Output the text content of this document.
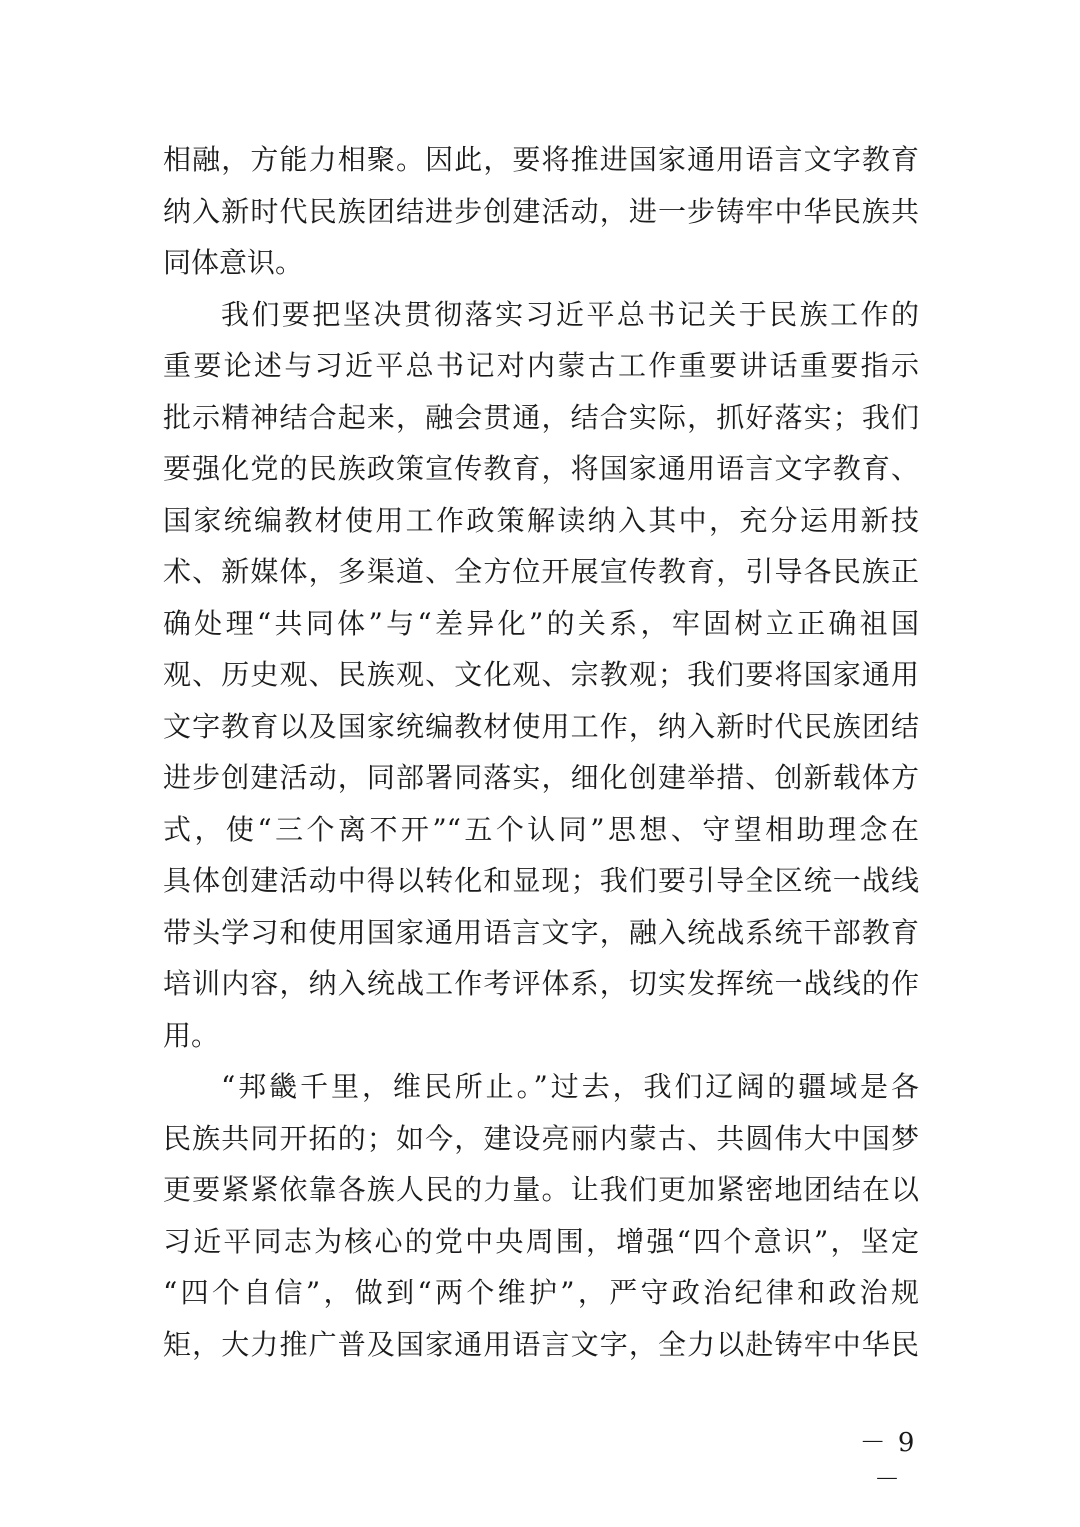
相融，方能力相聚。因此，要将推进国家通用语言文字教育
纳入新时代民族团结进步创建活动，进一步铸牢中华民族共
同体意识。
我们要把坚决贯彻落实习近平总书记关于民族工作的
重要论述与习近平总书记对内蒙古工作重要讲话重要指示
批示精神结合起来，融会贯通，结合实际，抓好落实；我们
要强化党的民族政策宣传教育，将国家通用语言文字教育、
国家统编教材使用工作政策解读纳入其中，充分运用新技
术、新媒体，多渠道、全方位开展宣传教育，引导各民族正
确处理“共同体”与“差异化”的关系，牢固树立正确祖国
观、历史观、民族观、文化观、宗教观；我们要将国家通用
文字教育以及国家统编教材使用工作，纳入新时代民族团结
进步创建活动，同部署同落实，细化创建举措、创新载体方
式，使“三个离不开”“五个认同”思想、守望相助理念在
具体创建活动中得以转化和显现；我们要引导全区统一战线
带头学习和使用国家通用语言文字，融入统战系统干部教育
培训内容，纳入统战工作考评体系，切实发挥统一战线的作
用。
“邦畿千里，维民所止。”过去，我们辽阔的疆域是各
民族共同开拓的；如今，建设亮丽内蒙古、共圆伟大中国梦
更要紧紧依靠各族人民的力量。让我们更加紧密地团结在以
习近平同志为核心的党中央周围，增强“四个意识”，坚定
“四个自信”，做到“两个维护”，严守政治纪律和政治规
矩，大力推广普及国家通用语言文字，全力以赴铸牢中华民
－ 9 －
